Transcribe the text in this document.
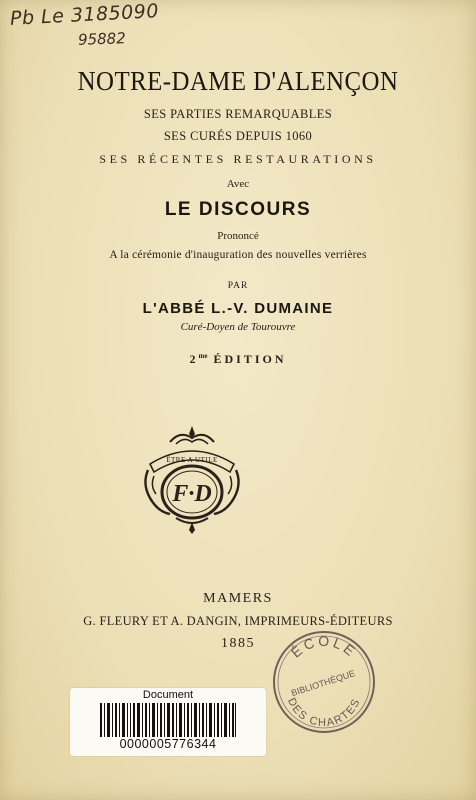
Pb Le 3185090
95882
NOTRE-DAME D'ALENÇON
SES PARTIES REMARQUABLES
SES CURÉS DEPUIS 1060
SES RÉCENTES RESTAURATIONS
Avec
LE DISCOURS
Prononcé
A la cérémonie d'inauguration des nouvelles verrières
PAR
L'ABBÉ L.-V. DUMAINE
Curé-Doyen de Tourouvre
$2^{me}$ ÉDITION
ÊTRE A UTILE
F·D
MAMERS
G. FLEURY ET A. DANGIN, IMPRIMEURS-ÉDITEURS
1885	ÉCOLE
BIBLIOTHÈQUE
DES CHARTES
Document
0000005776344
